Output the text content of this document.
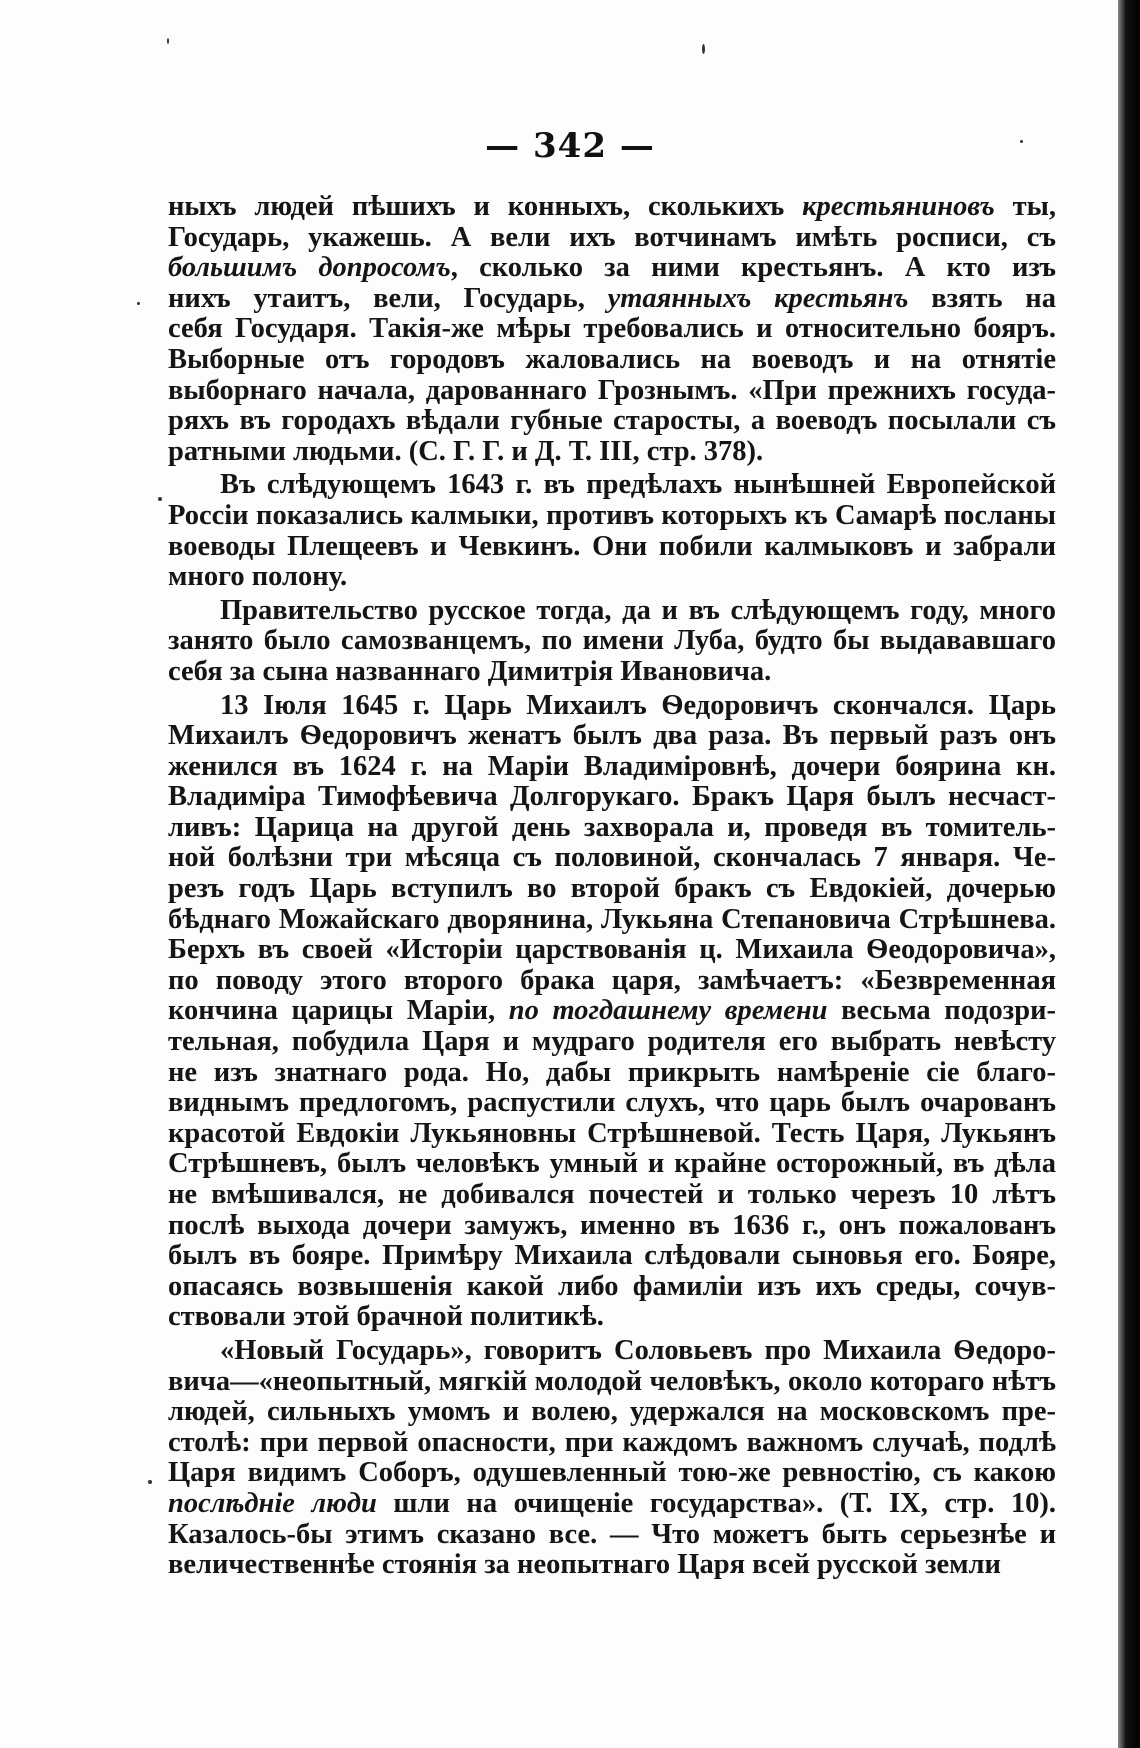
— 342 —
ныхъ людей пѣшихъ и конныхъ, сколькихъ крестьяниновъ ты,
Государь, укажешь. А вели ихъ вотчинамъ имѣть росписи, съ
большимъ допросомъ, сколько за ними крестьянъ. А кто изъ
нихъ утаитъ, вели, Государь, утаянныхъ крестьянъ взять на
себя Государя. Такія-же мѣры требовались и относительно бояръ.
Выборные отъ городовъ жаловались на воеводъ и на отнятіе
выборнаго начала, дарованнаго Грознымъ. «При прежнихъ госуда-
ряхъ въ городахъ вѣдали губные старосты, а воеводъ посылали съ
ратными людьми. (С. Г. Г. и Д. Т. III, стр. 378).
Въ слѣдующемъ 1643 г. въ предѣлахъ нынѣшней Европейской
Россіи показались калмыки, противъ которыхъ къ Самарѣ посланы
воеводы Плещеевъ и Чевкинъ. Они побили калмыковъ и забрали
много полону.
Правительство русское тогда, да и въ слѣдующемъ году, много
занято было самозванцемъ, по имени Луба, будто бы выдававшаго
себя за сына названнаго Димитрія Ивановича.
13 Іюля 1645 г. Царь Михаилъ Ѳедоровичъ скончался. Царь
Михаилъ Ѳедоровичъ женатъ былъ два раза. Въ первый разъ онъ
женился въ 1624 г. на Маріи Владиміровнѣ, дочери боярина кн.
Владиміра Тимофѣевича Долгорукаго. Бракъ Царя былъ несчаст-
ливъ: Царица на другой день захворала и, проведя въ томитель-
ной болѣзни три мѣсяца съ половиной, скончалась 7 января. Че-
резъ годъ Царь вступилъ во второй бракъ съ Евдокіей, дочерью
бѣднаго Можайскаго дворянина, Лукьяна Степановича Стрѣшнева.
Берхъ въ своей «Исторіи царствованія ц. Михаила Ѳеодоровича»,
по поводу этого второго брака царя, замѣчаетъ: «Безвременная
кончина царицы Маріи, по тогдашнему времени весьма подозри-
тельная, побудила Царя и мудраго родителя его выбрать невѣсту
не изъ знатнаго рода. Но, дабы прикрыть намѣреніе сіе благо-
виднымъ предлогомъ, распустили слухъ, что царь былъ очарованъ
красотой Евдокіи Лукьяновны Стрѣшневой. Тесть Царя, Лукьянъ
Стрѣшневъ, былъ человѣкъ умный и крайне осторожный, въ дѣла
не вмѣшивался, не добивался почестей и только черезъ 10 лѣтъ
послѣ выхода дочери замужъ, именно въ 1636 г., онъ пожалованъ
былъ въ бояре. Примѣру Михаила слѣдовали сыновья его. Бояре,
опасаясь возвышенія какой либо фамиліи изъ ихъ среды, сочув-
ствовали этой брачной политикѣ.
«Новый Государь», говоритъ Соловьевъ про Михаила Ѳедоро-
вича—«неопытный, мягкій молодой человѣкъ, около котораго нѣтъ
людей, сильныхъ умомъ и волею, удержался на московскомъ пре-
столѣ: при первой опасности, при каждомъ важномъ случаѣ, подлѣ
Царя видимъ Соборъ, одушевленный тою-же ревностію, съ какою
послѣдніе люди шли на очищеніе государства». (Т. IX, стр. 10).
Казалось-бы этимъ сказано все. — Что можетъ быть серьезнѣе и
величественнѣе стоянія за неопытнаго Царя всей русской земли
